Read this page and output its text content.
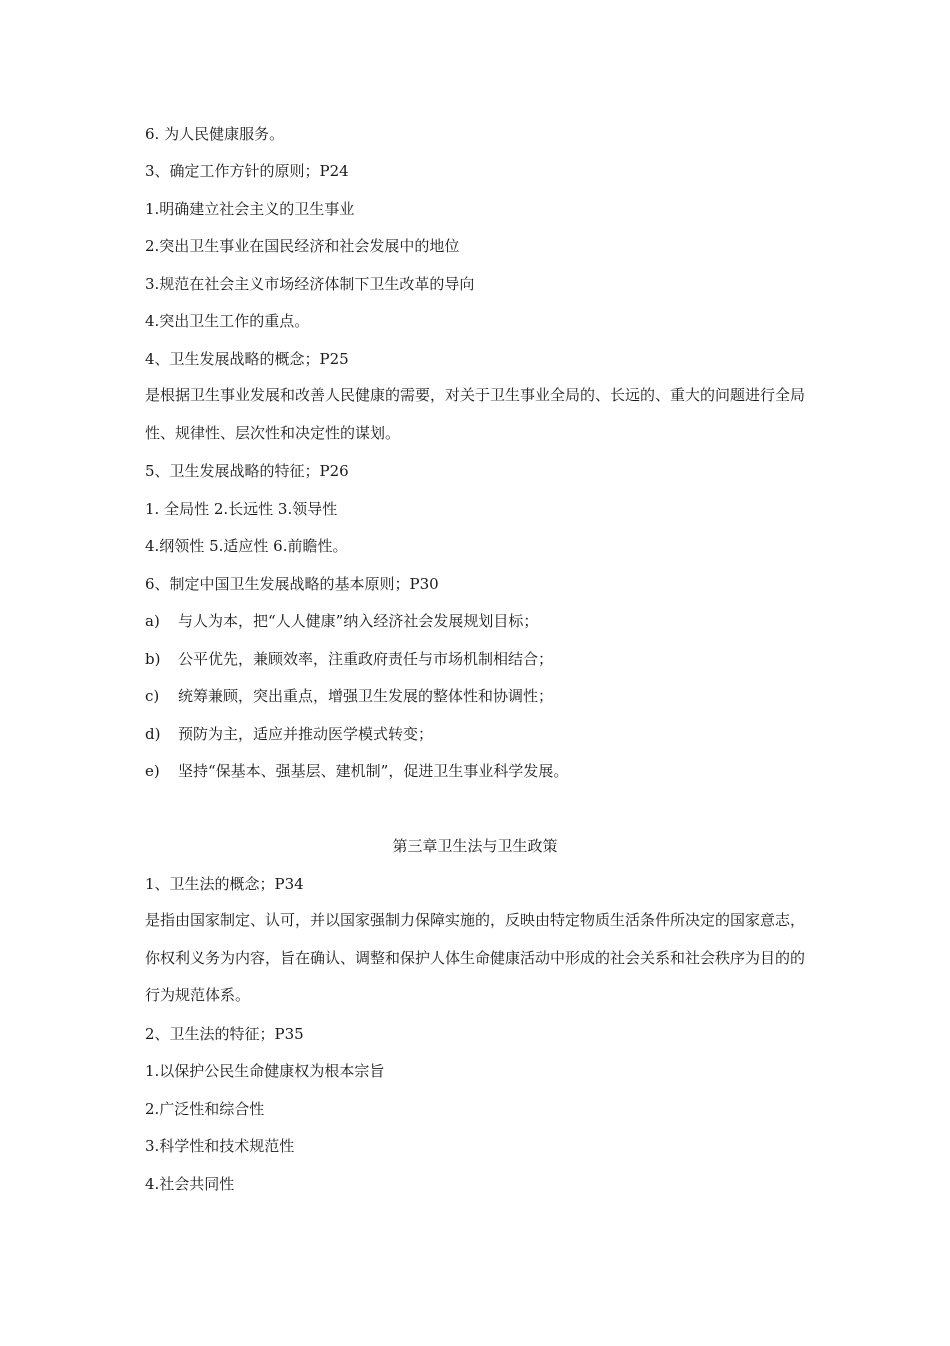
6. 为人民健康服务。
3、确定工作方针的原则；P24
1.明确建立社会主义的卫生事业
2.突出卫生事业在国民经济和社会发展中的地位
3.规范在社会主义市场经济体制下卫生改革的导向
4.突出卫生工作的重点。
4、卫生发展战略的概念；P25
是根据卫生事业发展和改善人民健康的需要，对关于卫生事业全局的、长远的、重大的问题进行全局性、规律性、层次性和决定性的谋划。
5、卫生发展战略的特征；P26
1. 全局性 2.长远性 3.领导性
4.纲领性 5.适应性 6.前瞻性。
6、制定中国卫生发展战略的基本原则；P30
a) 与人为本，把“人人健康”纳入经济社会发展规划目标；
b) 公平优先，兼顾效率，注重政府责任与市场机制相结合；
c) 统筹兼顾，突出重点，增强卫生发展的整体性和协调性；
d) 预防为主，适应并推动医学模式转变；
e) 坚持“保基本、强基层、建机制”，促进卫生事业科学发展。
第三章卫生法与卫生政策
1、卫生法的概念；P34
是指由国家制定、认可，并以国家强制力保障实施的，反映由特定物质生活条件所决定的国家意志，你权利义务为内容，旨在确认、调整和保护人体生命健康活动中形成的社会关系和社会秩序为目的的行为规范体系。
2、卫生法的特征；P35
1.以保护公民生命健康权为根本宗旨
2.广泛性和综合性
3.科学性和技术规范性
4.社会共同性
